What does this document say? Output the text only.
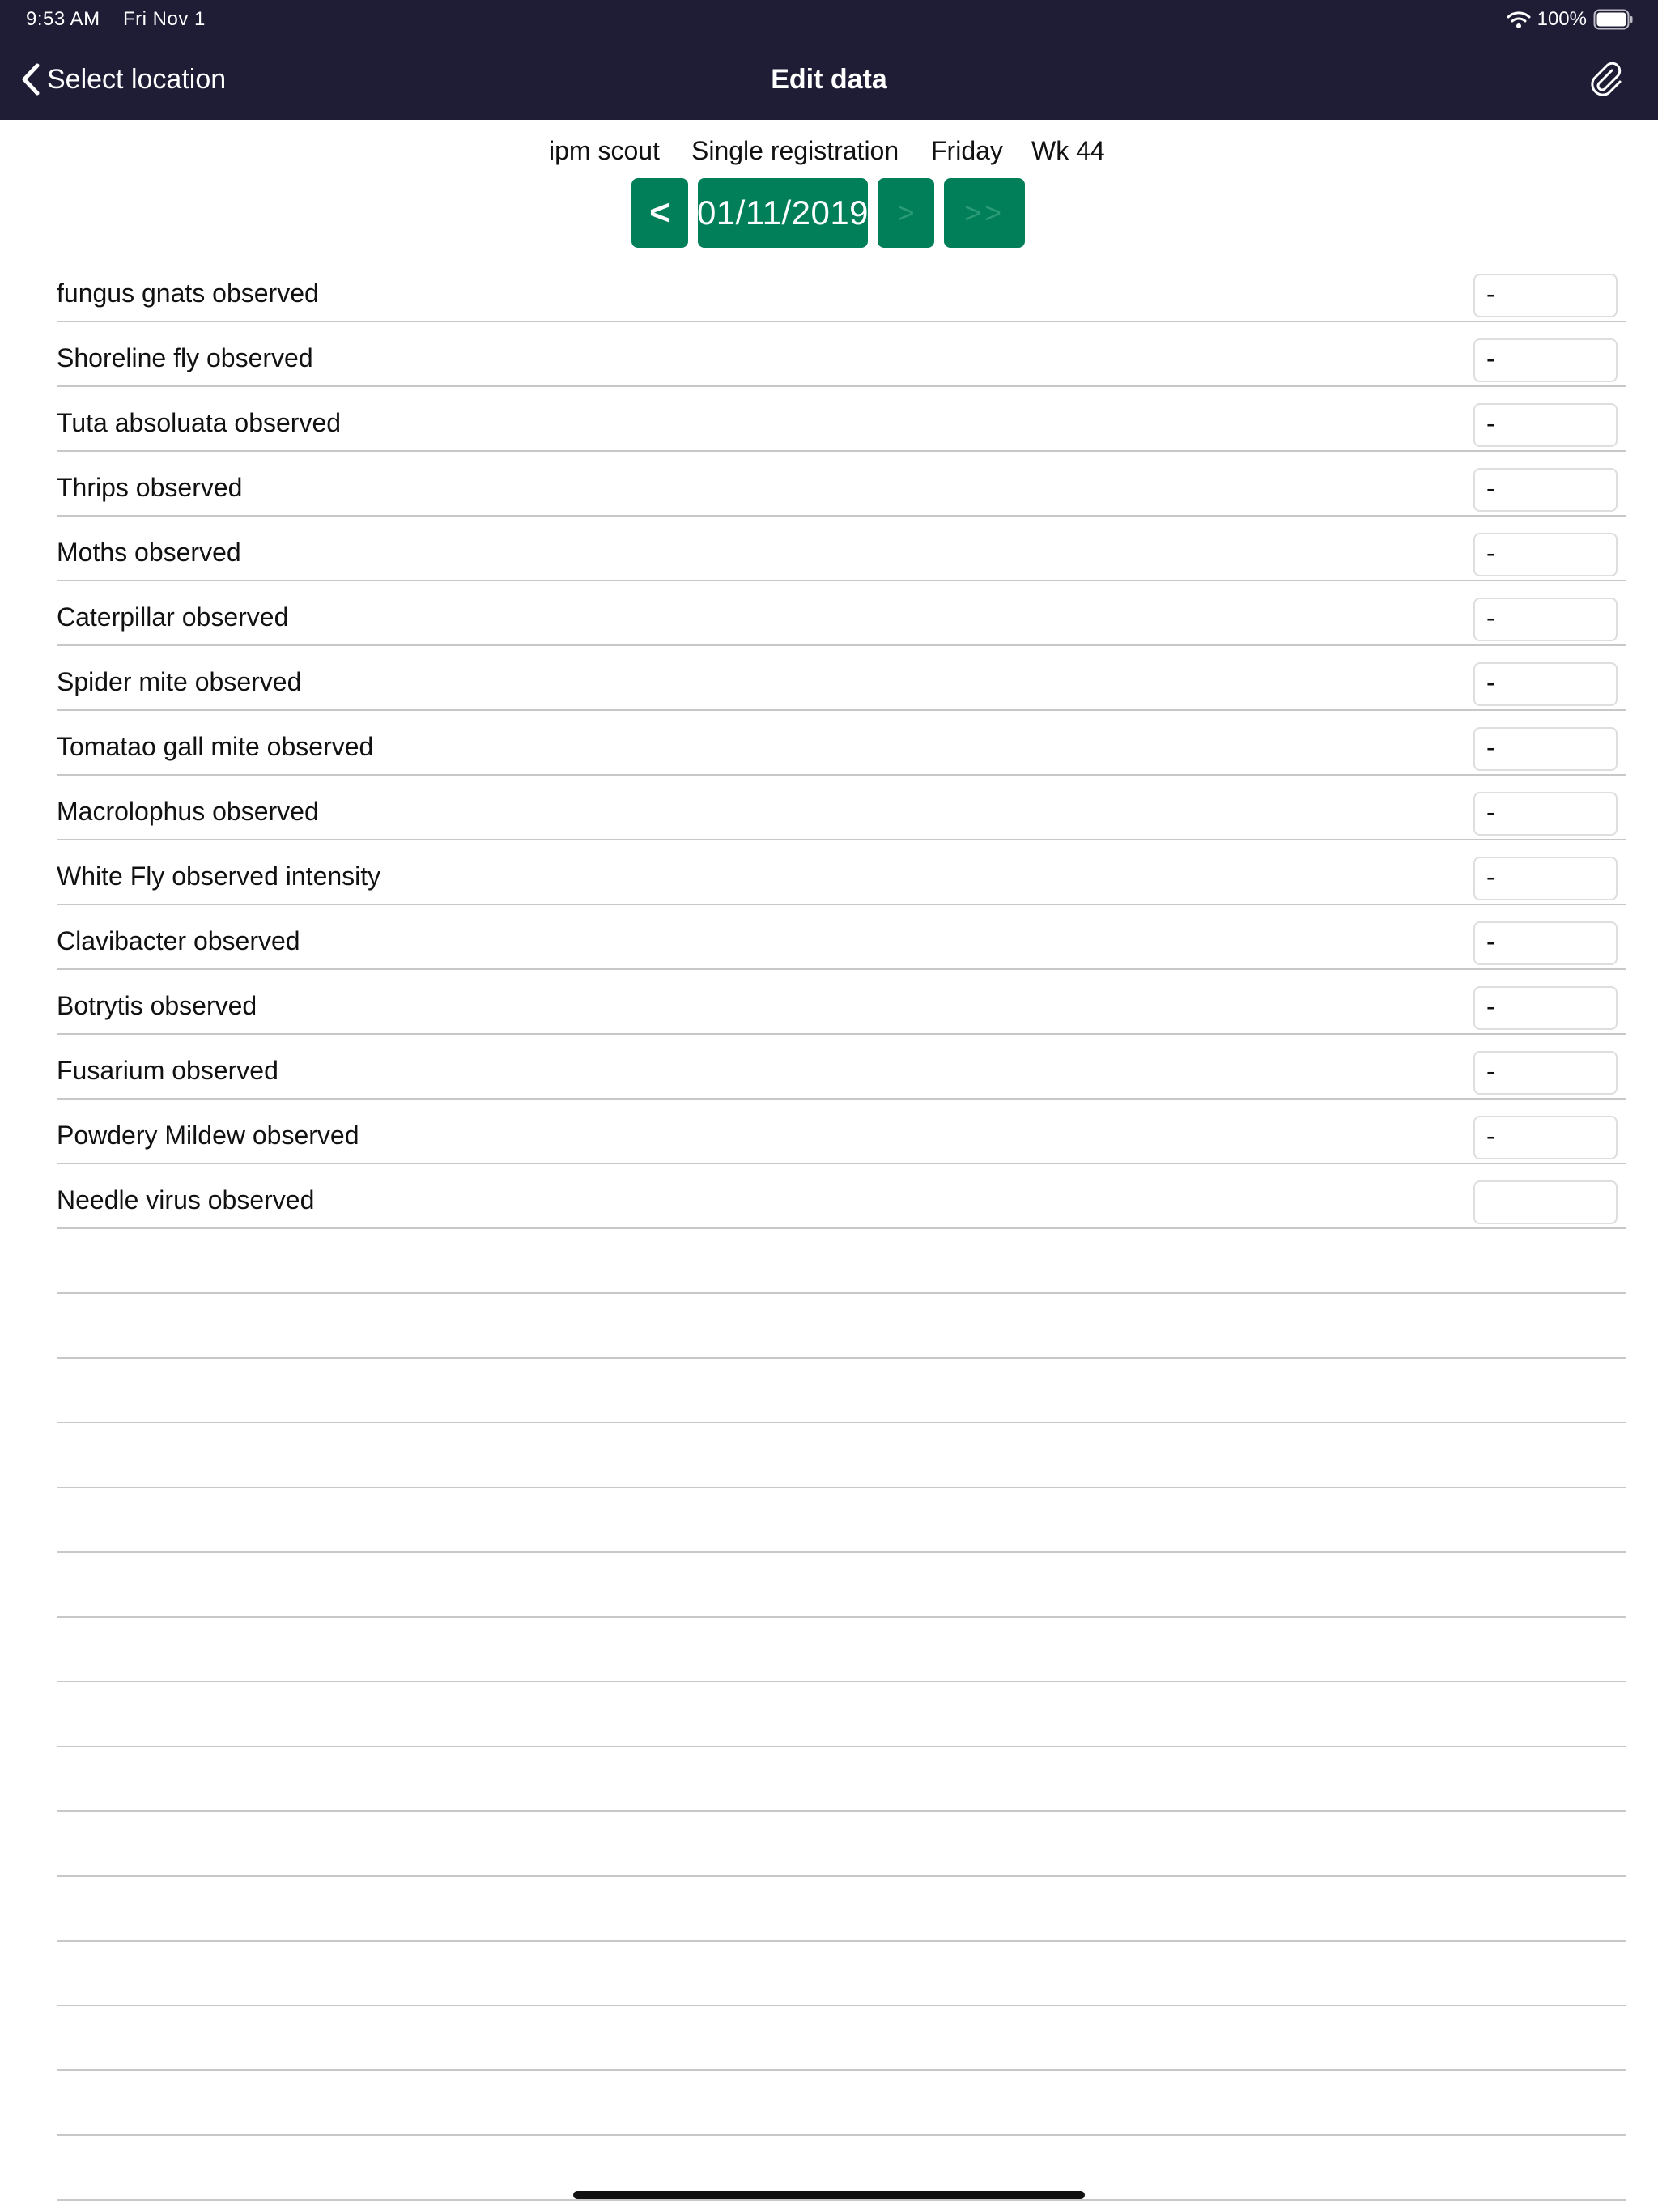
9:53 AM Fri Nov 1	100%
Select location	Edit data
ipm scout Single registration Friday Wk 44
< 01/11/2019 >	>>
fungus gnats observed	-
Shoreline fly observed	-
Tuta absoluata observed	-
Thrips observed	-
Moths observed	-
Caterpillar observed	-
Spider mite observed	-
Tomatao gall mite observed	-
Macrolophus observed	-
White Fly observed intensity	-
Clavibacter observed	-
Botrytis observed	-
Fusarium observed	-
Powdery Mildew observed	-
Needle virus observed
